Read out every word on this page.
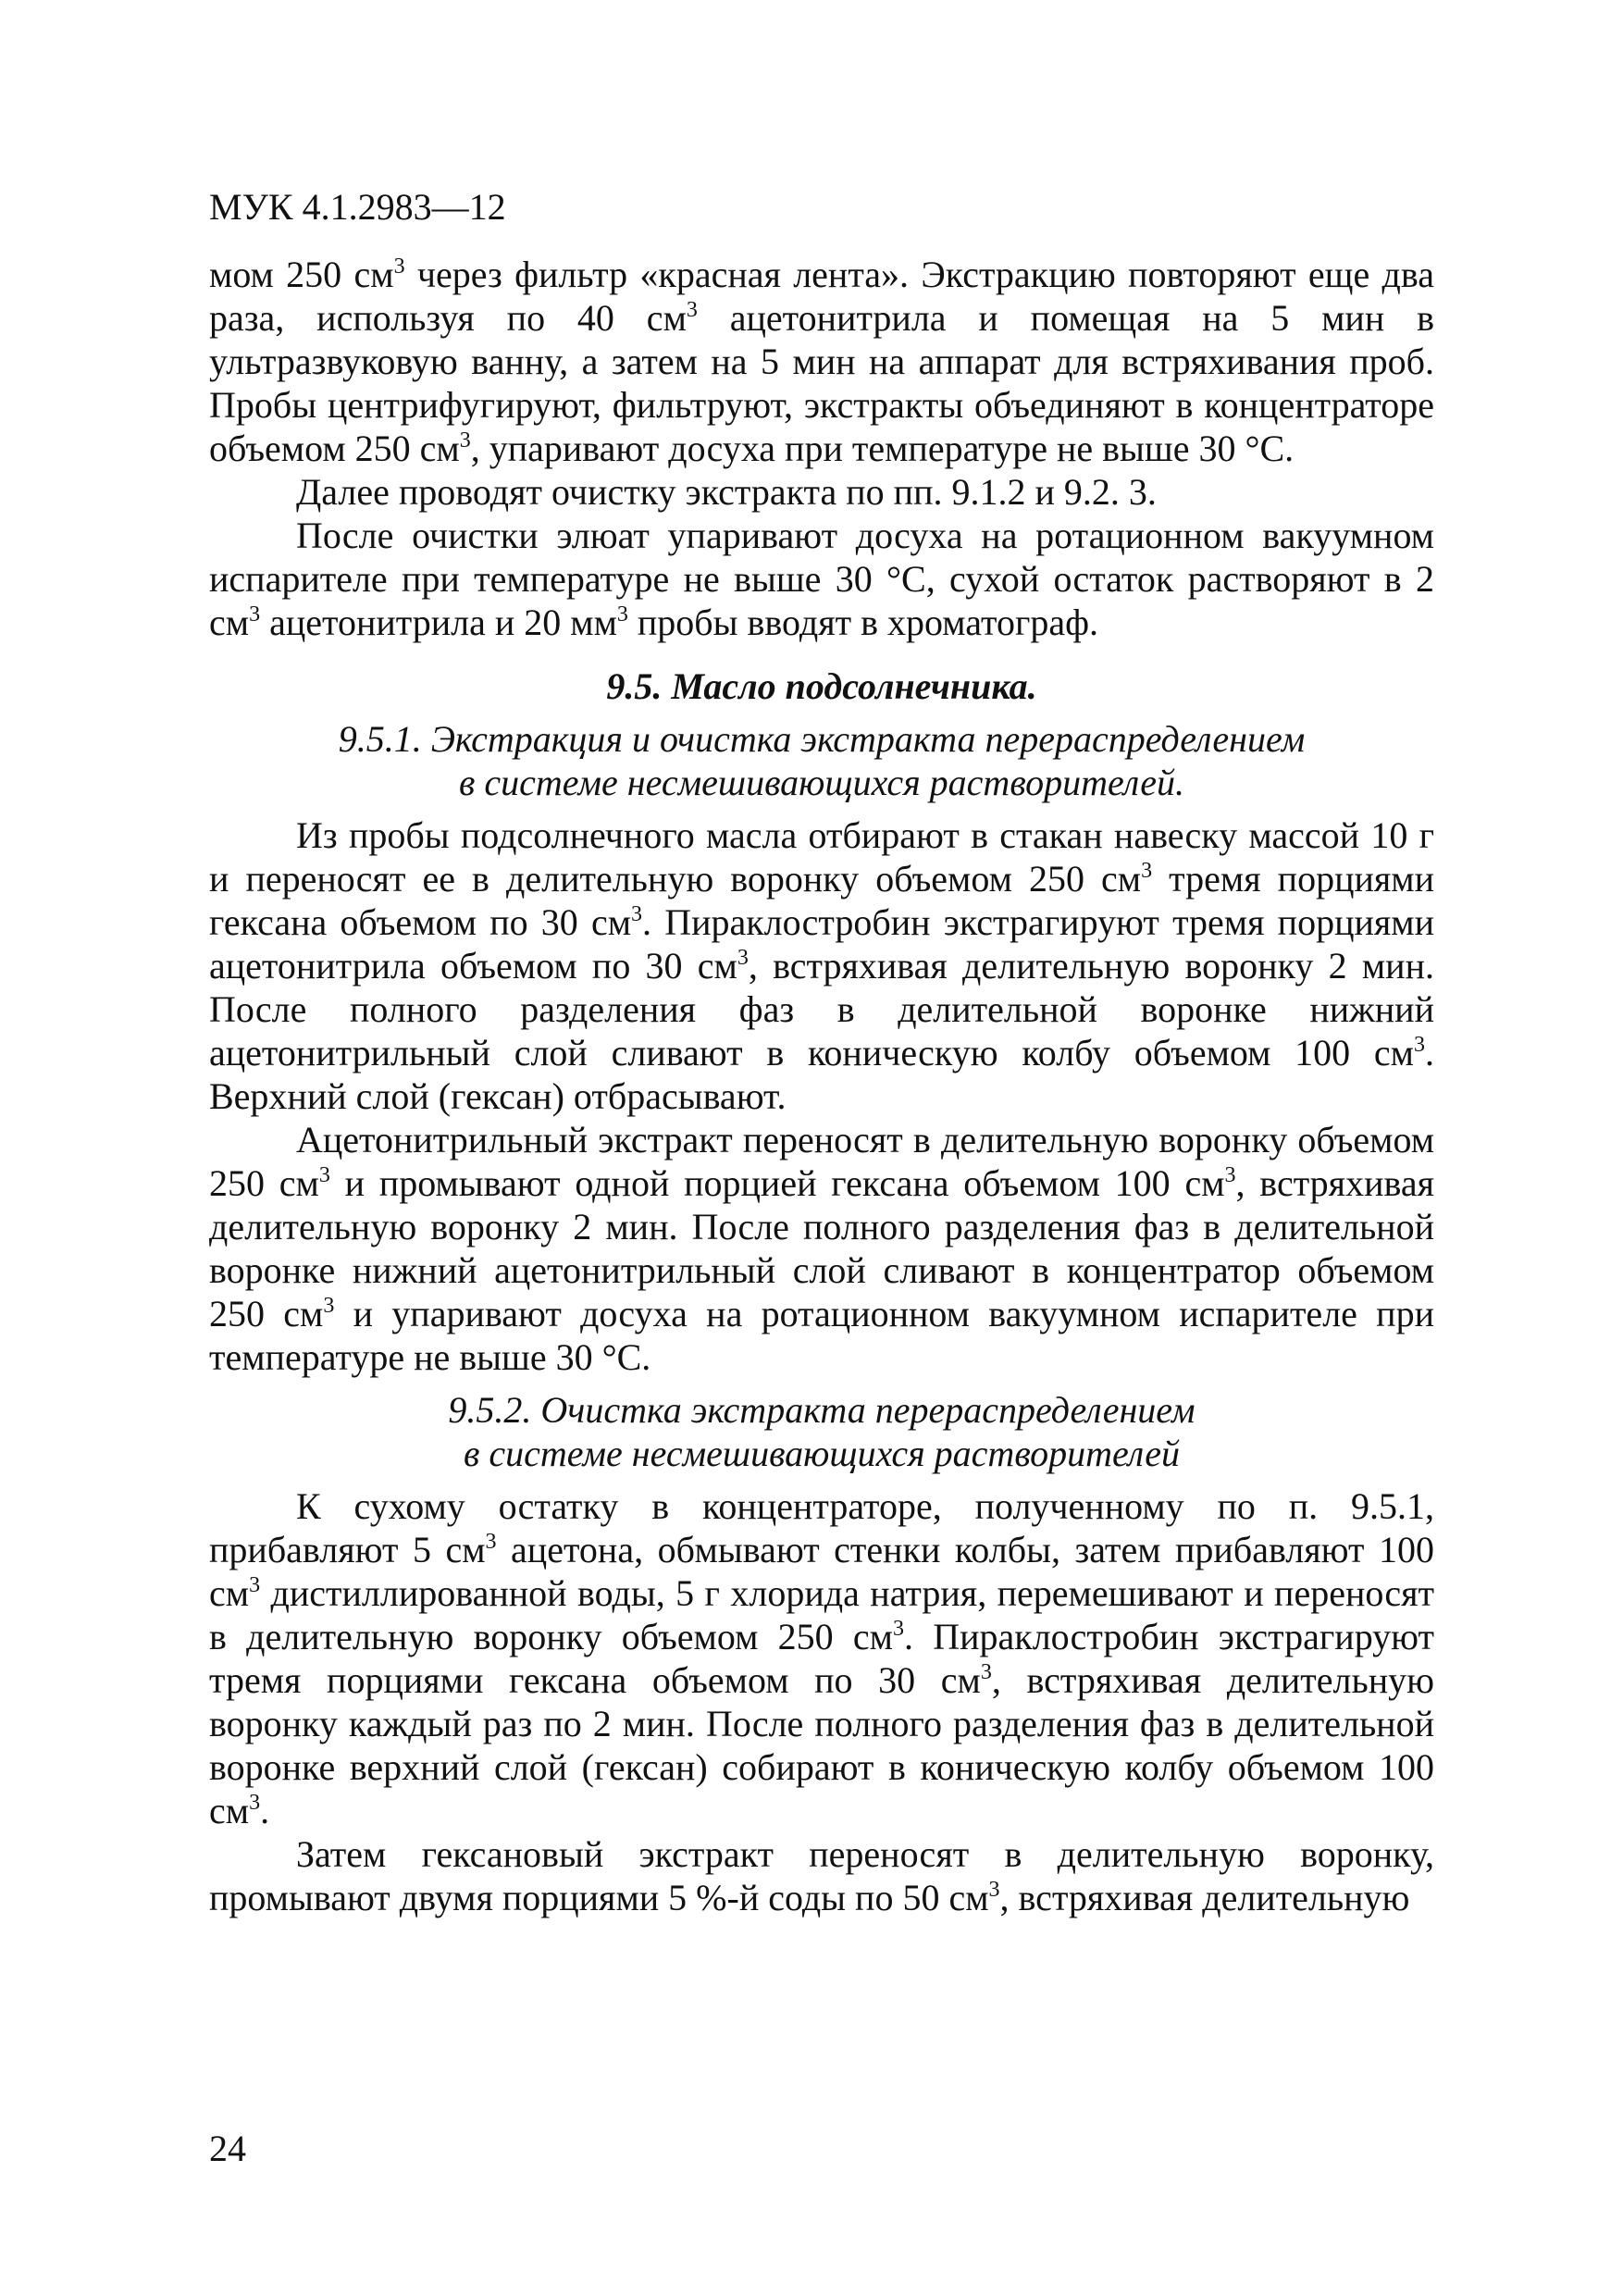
МУК 4.1.2983—12

мом 250 $см^3$ через фильтр «красная лента». Экстракцию повторяют еще два раза, используя по 40 $см^3$ ацетонитрила и помещая на 5 мин в ультразвуковую ванну, а затем на 5 мин на аппарат для встряхивания проб. Пробы центрифугируют, фильтруют, экстракты объединяют в концентраторе объемом 250 $см^3$, упаривают досуха при температуре не выше 30 °С.

Далее проводят очистку экстракта по пп. 9.1.2 и 9.2. 3.

После очистки элюат упаривают досуха на ротационном вакуумном испарителе при температуре не выше 30 °С, сухой остаток растворяют в 2 $см^3$ ацетонитрила и 20 $мм^3$ пробы вводят в хроматограф.

9.5. Масло подсолнечника.
9.5.1. Экстракция и очистка экстракта перераспределением
в системе несмешивающихся растворителей.

Из пробы подсолнечного масла отбирают в стакан навеску массой 10 г и переносят ее в делительную воронку объемом 250 $см^3$ тремя порциями гексана объемом по 30 $см^3$. Пираклостробин экстрагируют тремя порциями ацетонитрила объемом по 30 $см^3$, встряхивая делительную воронку 2 мин. После полного разделения фаз в делительной воронке нижний ацетонитрильный слой сливают в коническую колбу объемом 100 $см^3$. Верхний слой (гексан) отбрасывают.

Ацетонитрильный экстракт переносят в делительную воронку объемом 250 $см^3$ и промывают одной порцией гексана объемом 100 $см^3$, встряхивая делительную воронку 2 мин. После полного разделения фаз в делительной воронке нижний ацетонитрильный слой сливают в концентратор объемом 250 $см^3$ и упаривают досуха на ротационном вакуумном испарителе при температуре не выше 30 °С.

9.5.2. Очистка экстракта перераспределением
в системе несмешивающихся растворителей

К сухому остатку в концентраторе, полученному по п. 9.5.1, прибавляют 5 $см^3$ ацетона, обмывают стенки колбы, затем прибавляют 100 $см^3$ дистиллированной воды, 5 г хлорида натрия, перемешивают и переносят в делительную воронку объемом 250 $см^3$. Пираклостробин экстрагируют тремя порциями гексана объемом по 30 $см^3$, встряхивая делительную воронку каждый раз по 2 мин. После полного разделения фаз в делительной воронке верхний слой (гексан) собирают в коническую колбу объемом 100 $см^3$.

Затем гексановый экстракт переносят в делительную воронку, промывают двумя порциями 5 %-й соды по 50 $см^3$, встряхивая делительную

24
